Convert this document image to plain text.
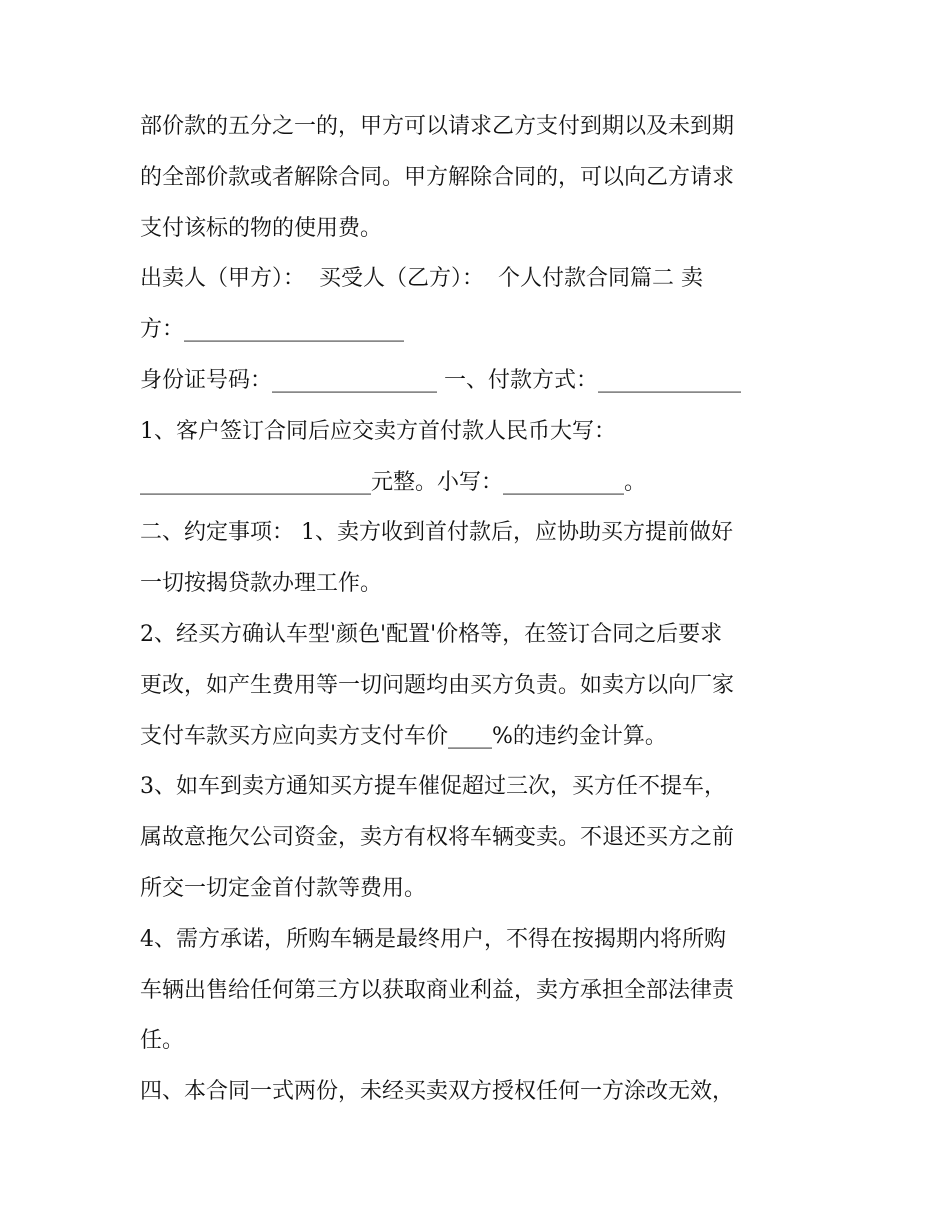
部价款的五分之一的，甲方可以请求乙方支付到期以及未到期
的全部价款或者解除合同。甲方解除合同的，可以向乙方请求
支付该标的物的使用费。
出卖人（甲方）：  买受人（乙方）：  个人付款合同篇二 卖
方：____________________
身份证号码：_______________ 一、付款方式：_____________
1、客户签订合同后应交卖方首付款人民币大写：
_____________________元整。小写：___________。
二、约定事项： 1、卖方收到首付款后，应协助买方提前做好
一切按揭贷款办理工作。
2、经买方确认车型'颜色'配置'价格等，在签订合同之后要求
更改，如产生费用等一切问题均由买方负责。如卖方以向厂家
支付车款买方应向卖方支付车价____%的违约金计算。
3、如车到卖方通知买方提车催促超过三次，买方任不提车，
属故意拖欠公司资金，卖方有权将车辆变卖。不退还买方之前
所交一切定金首付款等费用。
4、需方承诺，所购车辆是最终用户，不得在按揭期内将所购
车辆出售给任何第三方以获取商业利益，卖方承担全部法律责
任。
四、本合同一式两份，未经买卖双方授权任何一方涂改无效，
